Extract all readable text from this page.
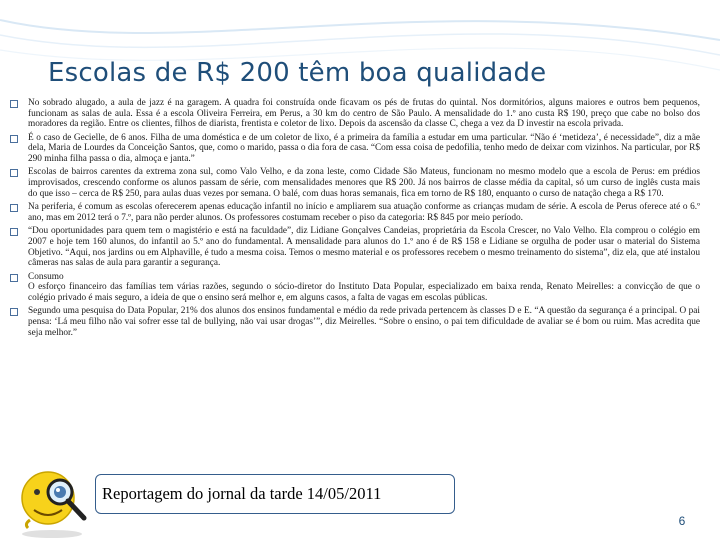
Escolas de R$ 200 têm boa qualidade
No sobrado alugado, a aula de jazz é na garagem. A quadra foi construída onde ficavam os pés de frutas do quintal. Nos dormitórios, alguns maiores e outros bem pequenos, funcionam as salas de aula. Essa é a escola Oliveira Ferreira, em Perus, a 30 km do centro de São Paulo. A mensalidade do 1.º ano custa R$ 190, preço que cabe no bolso dos moradores da região. Entre os clientes, filhos de diarista, frentista e coletor de lixo. Depois da ascensão da classe C, chega a vez da D investir na escola privada.
É o caso de Gecielle, de 6 anos. Filha de uma doméstica e de um coletor de lixo, é a primeira da família a estudar em uma particular. “Não é ‘metideza’, é necessidade”, diz a mãe dela, Maria de Lourdes da Conceição Santos, que, como o marido, passa o dia fora de casa. “Com essa coisa de pedofilia, tenho medo de deixar com vizinhos. Na particular, por R$ 290 minha filha passa o dia, almoça e janta.”
Escolas de bairros carentes da extrema zona sul, como Valo Velho, e da zona leste, como Cidade São Mateus, funcionam no mesmo modelo que a escola de Perus: em prédios improvisados, crescendo conforme os alunos passam de série, com mensalidades menores que R$ 200. Já nos bairros de classe média da capital, só um curso de inglês custa mais do que isso – cerca de R$ 250, para aulas duas vezes por semana. O balé, com duas horas semanais, fica em torno de R$ 180, enquanto o curso de natação chega a R$ 170.
Na periferia, é comum as escolas oferecerem apenas educação infantil no início e ampliarem sua atuação conforme as crianças mudam de série. A escola de Perus oferece até o 6.º ano, mas em 2012 terá o 7.º, para não perder alunos. Os professores costumam receber o piso da categoria: R$ 845 por meio período.
“Dou oportunidades para quem tem o magistério e está na faculdade”, diz Lidiane Gonçalves Candeias, proprietária da Escola Crescer, no Valo Velho. Ela comprou o colégio em 2007 e hoje tem 160 alunos, do infantil ao 5.º ano do fundamental. A mensalidade para alunos do 1.º ano é de R$ 158 e Lidiane se orgulha de poder usar o material do Sistema Objetivo. “Aqui, nos jardins ou em Alphaville, é tudo a mesma coisa. Temos o mesmo material e os professores recebem o mesmo treinamento do sistema”, diz ela, que até instalou câmeras nas salas de aula para garantir a segurança.
Consumo
O esforço financeiro das famílias tem várias razões, segundo o sócio-diretor do Instituto Data Popular, especializado em baixa renda, Renato Meirelles: a convicção de que o colégio privado é mais seguro, a ideia de que o ensino será melhor e, em alguns casos, a falta de vagas em escolas públicas.
Segundo uma pesquisa do Data Popular, 21% dos alunos dos ensinos fundamental e médio da rede privada pertencem às classes D e E. “A questão da segurança é a principal. O pai pensa: ‘Lá meu filho não vai sofrer esse tal de bullying, não vai usar drogas’”, diz Meirelles. “Sobre o ensino, o pai tem dificuldade de avaliar se é bom ou ruim. Mas acredita que seja melhor.”
Reportagem do jornal da tarde 14/05/2011
6
